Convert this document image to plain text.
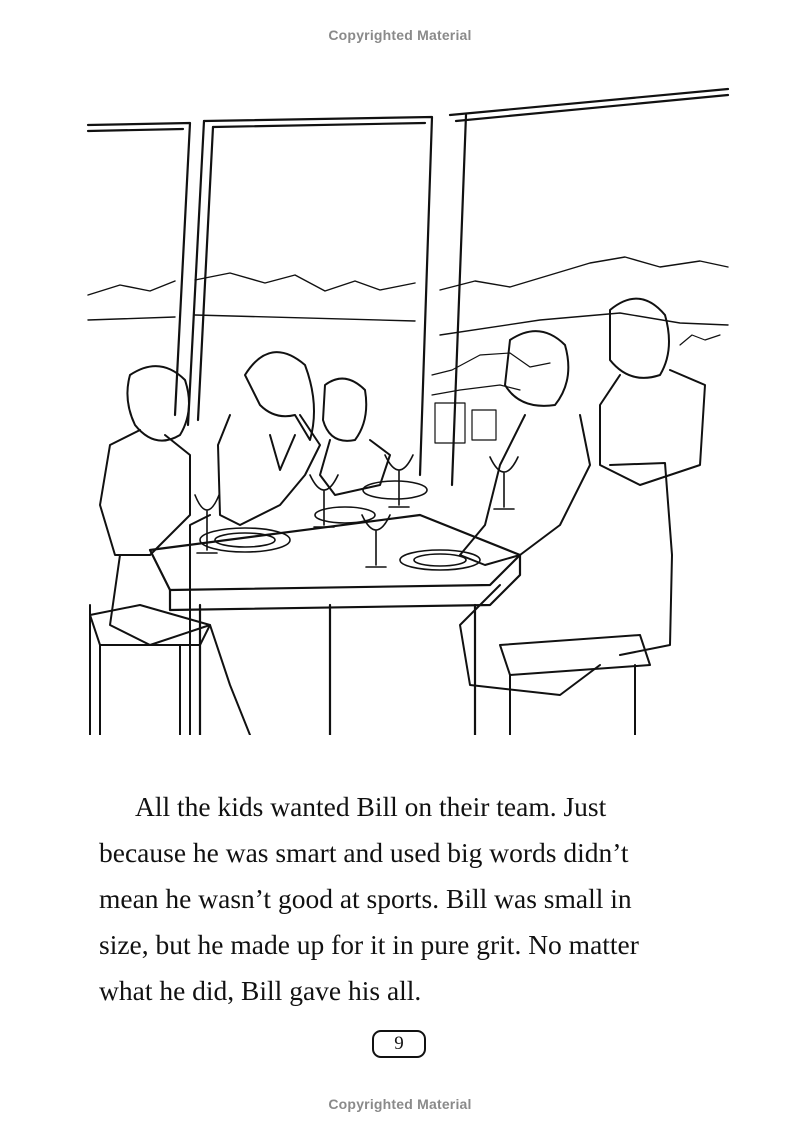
Copyrighted Material

All the kids wanted Bill on their team. Just
because he was smart and used big words didn’t
mean he wasn’t good at sports. Bill was small in
size, but he made up for it in pure grit. No matter
what he did, Bill gave his all.

9
Copyrighted Material
